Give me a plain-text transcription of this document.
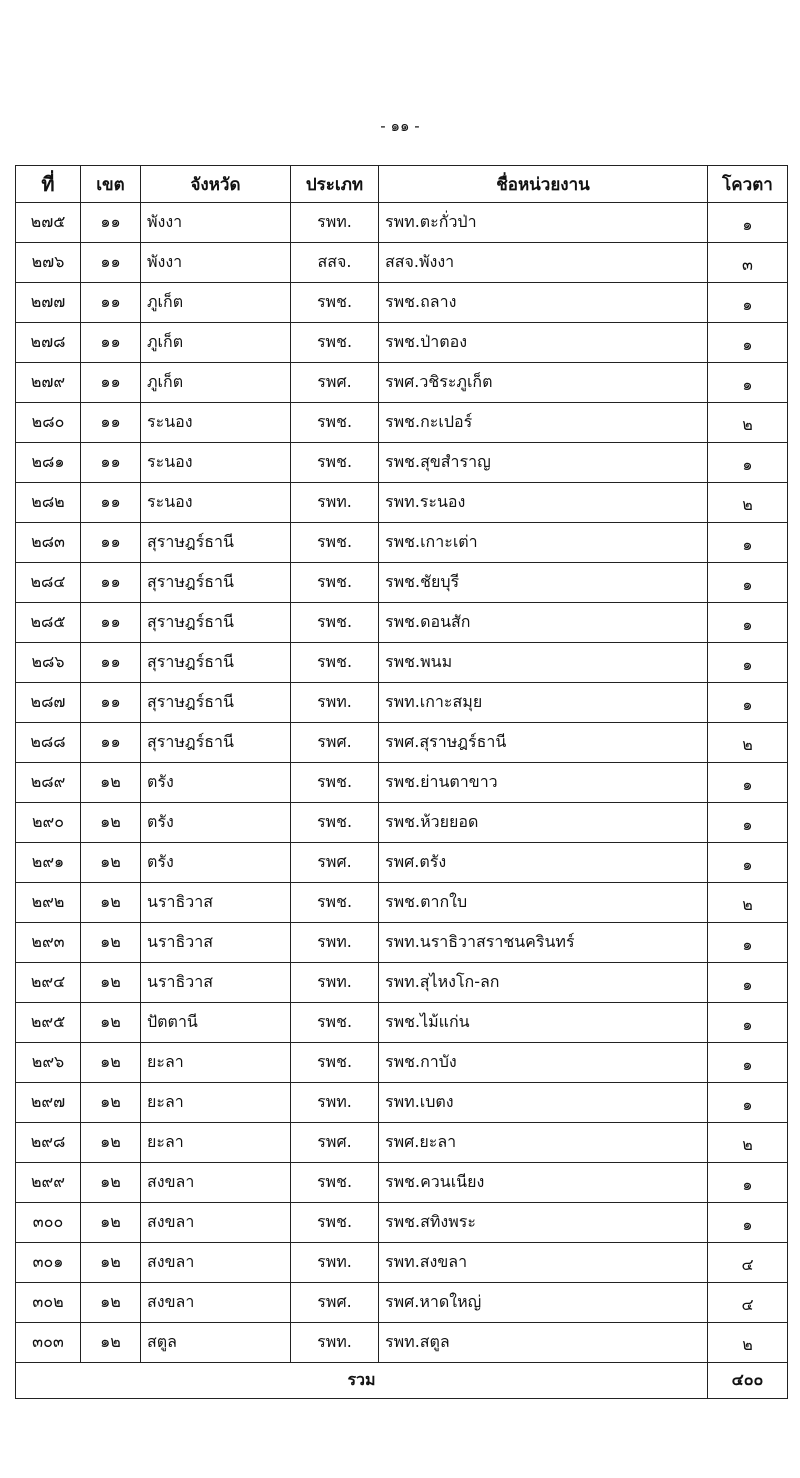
- ๑๑ -
ที่	เขต	จังหวัด	ประเภท	ชื่อหน่วยงาน	โควตา
๒๗๕	๑๑	พังงา	รพท.	รพท.ตะกั่วป่า	๑
๒๗๖	๑๑	พังงา	สสจ.	สสจ.พังงา	๓
๒๗๗	๑๑	ภูเก็ต	รพช.	รพช.ถลาง	๑
๒๗๘	๑๑	ภูเก็ต	รพช.	รพช.ป่าตอง	๑
๒๗๙	๑๑	ภูเก็ต	รพศ.	รพศ.วชิระภูเก็ต	๑
๒๘๐	๑๑	ระนอง	รพช.	รพช.กะเปอร์	๒
๒๘๑	๑๑	ระนอง	รพช.	รพช.สุขสำราญ	๑
๒๘๒	๑๑	ระนอง	รพท.	รพท.ระนอง	๒
๒๘๓	๑๑	สุราษฎร์ธานี	รพช.	รพช.เกาะเต่า	๑
๒๘๔	๑๑	สุราษฎร์ธานี	รพช.	รพช.ชัยบุรี	๑
๒๘๕	๑๑	สุราษฎร์ธานี	รพช.	รพช.ดอนสัก	๑
๒๘๖	๑๑	สุราษฎร์ธานี	รพช.	รพช.พนม	๑
๒๘๗	๑๑	สุราษฎร์ธานี	รพท.	รพท.เกาะสมุย	๑
๒๘๘	๑๑	สุราษฎร์ธานี	รพศ.	รพศ.สุราษฎร์ธานี	๒
๒๘๙	๑๒	ตรัง	รพช.	รพช.ย่านตาขาว	๑
๒๙๐	๑๒	ตรัง	รพช.	รพช.ห้วยยอด	๑
๒๙๑	๑๒	ตรัง	รพศ.	รพศ.ตรัง	๑
๒๙๒	๑๒	นราธิวาส	รพช.	รพช.ตากใบ	๒
๒๙๓	๑๒	นราธิวาส	รพท.	รพท.นราธิวาสราชนครินทร์	๑
๒๙๔	๑๒	นราธิวาส	รพท.	รพท.สุไหงโก-ลก	๑
๒๙๕	๑๒	ปัตตานี	รพช.	รพช.ไม้แก่น	๑
๒๙๖	๑๒	ยะลา	รพช.	รพช.กาบัง	๑
๒๙๗	๑๒	ยะลา	รพท.	รพท.เบตง	๑
๒๙๘	๑๒	ยะลา	รพศ.	รพศ.ยะลา	๒
๒๙๙	๑๒	สงขลา	รพช.	รพช.ควนเนียง	๑
๓๐๐	๑๒	สงขลา	รพช.	รพช.สทิงพระ	๑
๓๐๑	๑๒	สงขลา	รพท.	รพท.สงขลา	๔
๓๐๒	๑๒	สงขลา	รพศ.	รพศ.หาดใหญ่	๔
๓๐๓	๑๒	สตูล	รพท.	รพท.สตูล	๒
รวม					๔๐๐
